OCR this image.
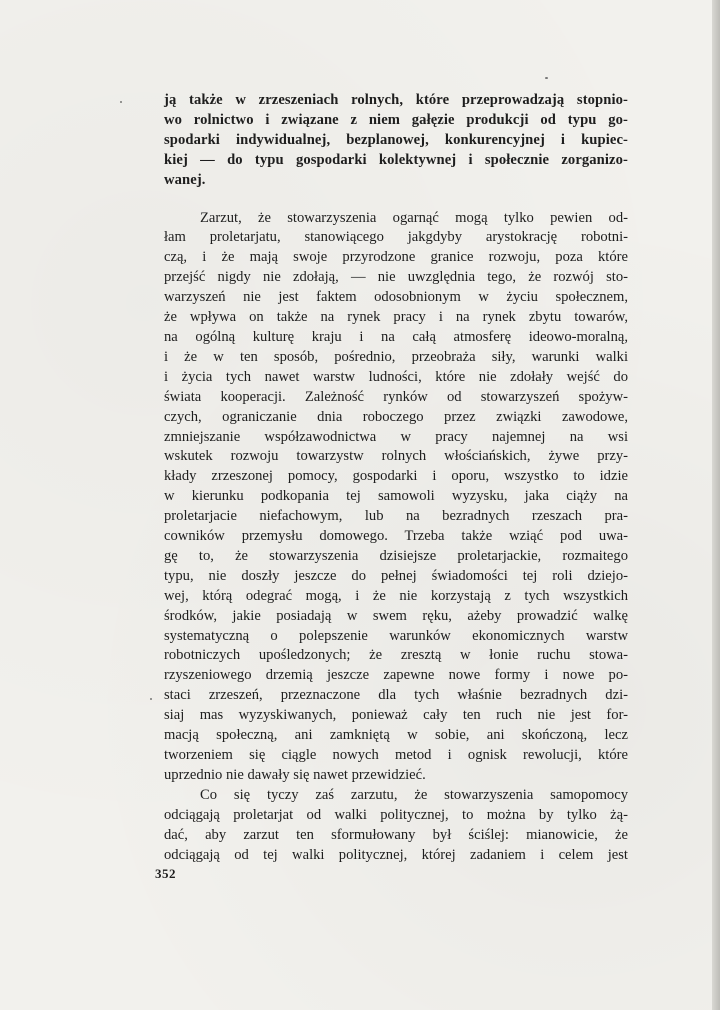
ją także w zrzeszeniach rolnych, które przeprowadzają stopnio-
wo rolnictwo i związane z niem gałęzie produkcji od typu go-
spodarki indywidualnej, bezplanowej, konkurencyjnej i kupiec-
kiej — do typu gospodarki kolektywnej i społecznie zorganizo-
wanej.

Zarzut, że stowarzyszenia ogarnąć mogą tylko pewien od-
łam proletarjatu, stanowiącego jakgdyby arystokrację robotni-
czą, i że mają swoje przyrodzone granice rozwoju, poza które
przejść nigdy nie zdołają, — nie uwzględnia tego, że rozwój sto-
warzyszeń nie jest faktem odosobnionym w życiu społecznem,
że wpływa on także na rynek pracy i na rynek zbytu towarów,
na ogólną kulturę kraju i na całą atmosferę ideowo-moralną,
i że w ten sposób, pośrednio, przeobraża siły, warunki walki
i życia tych nawet warstw ludności, które nie zdołały wejść do
świata kooperacji. Zależność rynków od stowarzyszeń spożyw-
czych, ograniczanie dnia roboczego przez związki zawodowe,
zmniejszanie współzawodnictwa w pracy najemnej na wsi
wskutek rozwoju towarzystw rolnych włościańskich, żywe przy-
kłady zrzeszonej pomocy, gospodarki i oporu, wszystko to idzie
w kierunku podkopania tej samowoli wyzysku, jaka ciąży na
proletarjacie niefachowym, lub na bezradnych rzeszach pra-
cowników przemysłu domowego. Trzeba także wziąć pod uwa-
gę to, że stowarzyszenia dzisiejsze proletarjackie, rozmaitego
typu, nie doszły jeszcze do pełnej świadomości tej roli dziejo-
wej, którą odegrać mogą, i że nie korzystają z tych wszystkich
środków, jakie posiadają w swem ręku, ażeby prowadzić walkę
systematyczną o polepszenie warunków ekonomicznych warstw
robotniczych upośledzonych; że zresztą w łonie ruchu stowa-
rzyszeniowego drzemią jeszcze zapewne nowe formy i nowe po-
staci zrzeszeń, przeznaczone dla tych właśnie bezradnych dzi-
siaj mas wyzyskiwanych, ponieważ cały ten ruch nie jest for-
macją społeczną, ani zamkniętą w sobie, ani skończoną, lecz
tworzeniem się ciągle nowych metod i ognisk rewolucji, które
uprzednio nie dawały się nawet przewidzieć.

Co się tyczy zaś zarzutu, że stowarzyszenia samopomocy
odciągają proletarjat od walki politycznej, to można by tylko żą-
dać, aby zarzut ten sformułowany był ściślej: mianowicie, że
odciągają od tej walki politycznej, której zadaniem i celem jest

352
